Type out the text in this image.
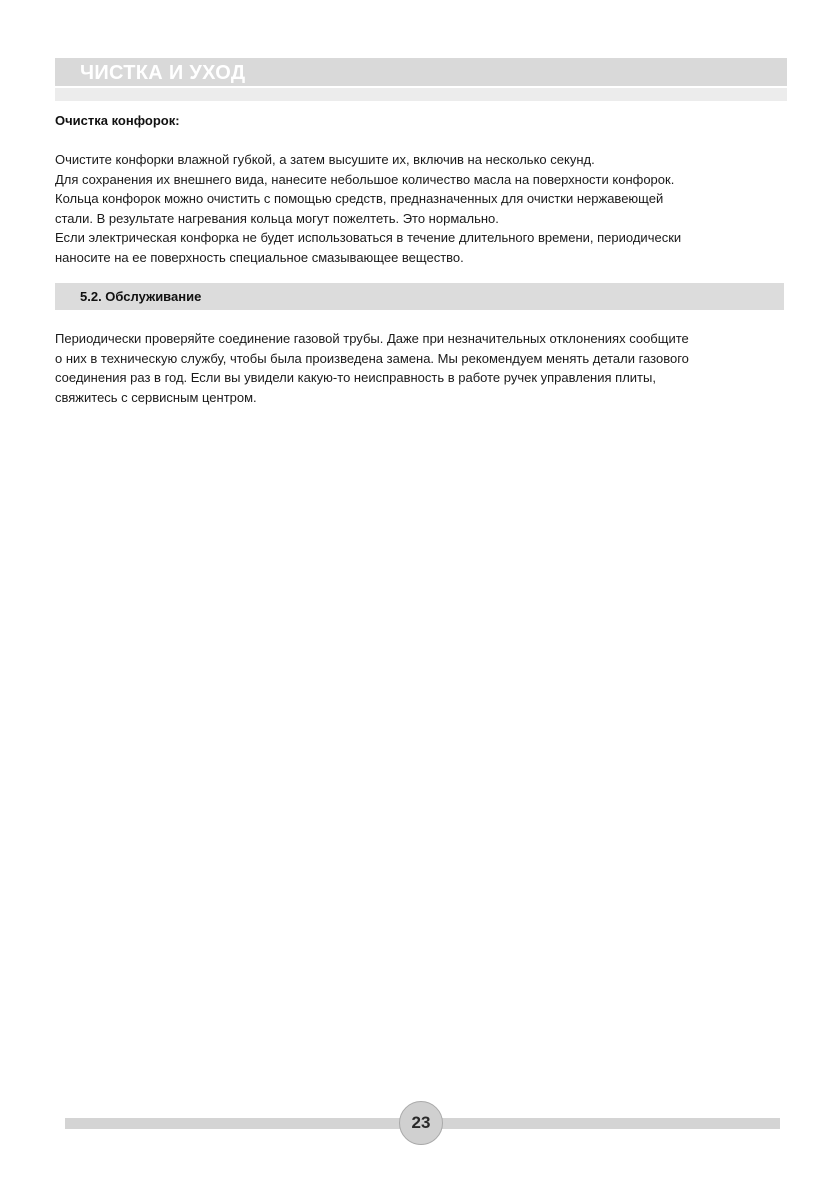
ЧИСТКА И УХОД
Очистка конфорок:
Очистите конфорки влажной губкой, а затем высушите их, включив на несколько секунд.
Для сохранения их внешнего вида, нанесите небольшое количество масла на поверхности конфорок.
Кольца конфорок можно очистить с помощью средств, предназначенных для очистки нержавеющей
стали. В результате нагревания кольца могут пожелтеть. Это нормально.
Если электрическая конфорка не будет использоваться в течение длительного времени, периодически
наносите на ее поверхность специальное смазывающее вещество.
5.2. Обслуживание
Периодически проверяйте соединение газовой трубы. Даже при незначительных отклонениях сообщите
о них в техническую службу, чтобы была произведена замена. Мы рекомендуем менять детали газового
соединения раз в год. Если вы увидели какую-то неисправность в работе ручек управления плиты,
свяжитесь с сервисным центром.
23
